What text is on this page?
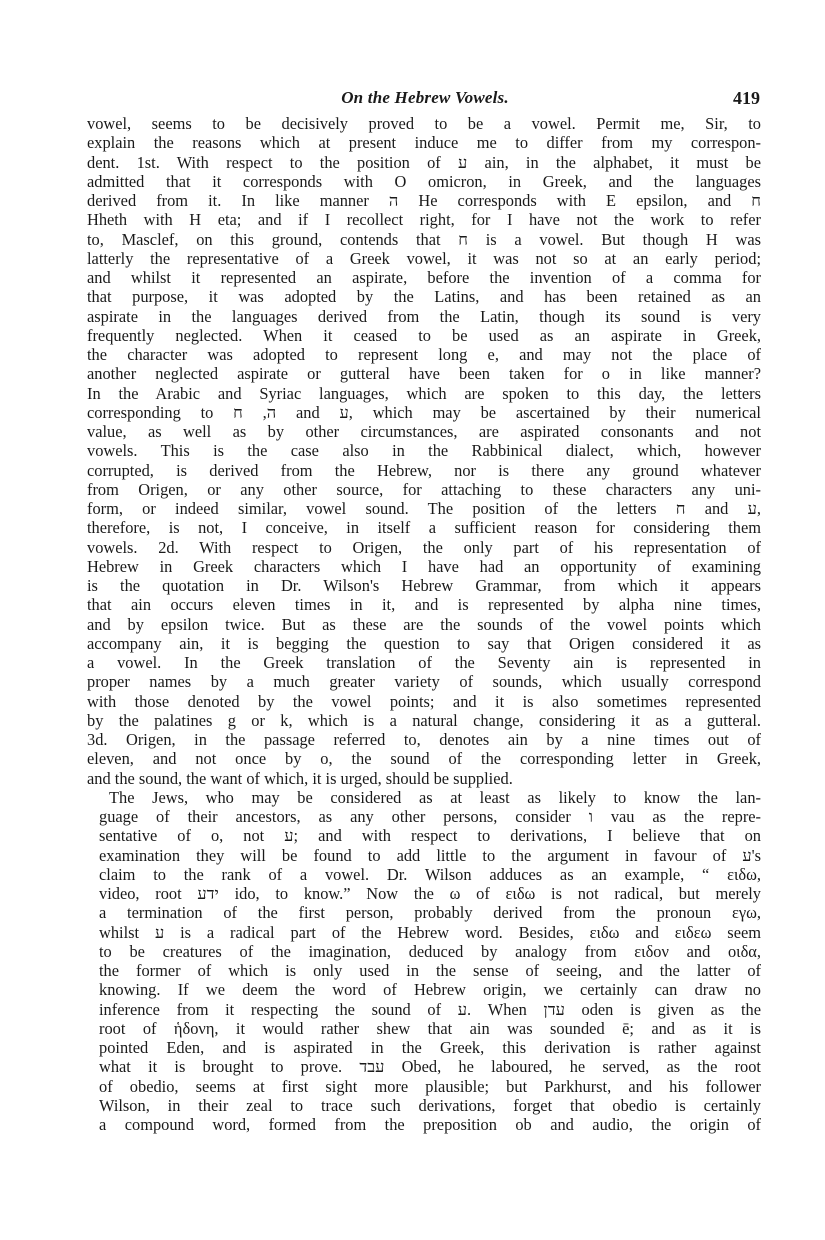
On the Hebrew Vowels.	419
vowel, seems to be decisively proved to be a vowel. Permit me, Sir, to
explain the reasons which at present induce me to differ from my correspon-
dent. 1st. With respect to the position of ע ain, in the alphabet, it must be
admitted that it corresponds with O omicron, in Greek, and the languages
derived from it. In like manner ה He corresponds with E epsilon, and ח
Hheth with H eta; and if I recollect right, for I have not the work to refer
to, Masclef, on this ground, contends that ח is a vowel. But though H was
latterly the representative of a Greek vowel, it was not so at an early period;
and whilst it represented an aspirate, before the invention of a comma for
that purpose, it was adopted by the Latins, and has been retained as an
aspirate in the languages derived from the Latin, though its sound is very
frequently neglected. When it ceased to be used as an aspirate in Greek,
the character was adopted to represent long e, and may not the place of
another neglected aspirate or gutteral have been taken for o in like manner?
In the Arabic and Syriac languages, which are spoken to this day, the letters
corresponding to ה, ח and ע, which may be ascertained by their numerical
value, as well as by other circumstances, are aspirated consonants and not
vowels. This is the case also in the Rabbinical dialect, which, however
corrupted, is derived from the Hebrew, nor is there any ground whatever
from Origen, or any other source, for attaching to these characters any uni-
form, or indeed similar, vowel sound. The position of the letters ח and ע,
therefore, is not, I conceive, in itself a sufficient reason for considering them
vowels. 2d. With respect to Origen, the only part of his representation of
Hebrew in Greek characters which I have had an opportunity of examining
is the quotation in Dr. Wilson's Hebrew Grammar, from which it appears
that ain occurs eleven times in it, and is represented by alpha nine times,
and by epsilon twice. But as these are the sounds of the vowel points which
accompany ain, it is begging the question to say that Origen considered it as
a vowel. In the Greek translation of the Seventy ain is represented in
proper names by a much greater variety of sounds, which usually correspond
with those denoted by the vowel points; and it is also sometimes represented
by the palatines g or k, which is a natural change, considering it as a gutteral.
3d. Origen, in the passage referred to, denotes ain by a nine times out of
eleven, and not once by o, the sound of the corresponding letter in Greek,
and the sound, the want of which, it is urged, should be supplied.
The Jews, who may be considered as at least as likely to know the lan-
guage of their ancestors, as any other persons, consider ו vau as the repre-
sentative of o, not ע; and with respect to derivations, I believe that on
examination they will be found to add little to the argument in favour of ע's
claim to the rank of a vowel. Dr. Wilson adduces as an example, “ ειδω,
video, root ידע ido, to know.” Now the ω of ειδω is not radical, but merely
a termination of the first person, probably derived from the pronoun εγω,
whilst ע is a radical part of the Hebrew word. Besides, ειδω and ειδεω seem
to be creatures of the imagination, deduced by analogy from ειδον and οιδα,
the former of which is only used in the sense of seeing, and the latter of
knowing. If we deem the word of Hebrew origin, we certainly can draw no
inference from it respecting the sound of ע. When עדן oden is given as the
root of ἡδονη, it would rather shew that ain was sounded ē; and as it is
pointed Eden, and is aspirated in the Greek, this derivation is rather against
what it is brought to prove. עבד Obed, he laboured, he served, as the root
of obedio, seems at first sight more plausible; but Parkhurst, and his follower
Wilson, in their zeal to trace such derivations, forget that obedio is certainly
a compound word, formed from the preposition ob and audio, the origin of
